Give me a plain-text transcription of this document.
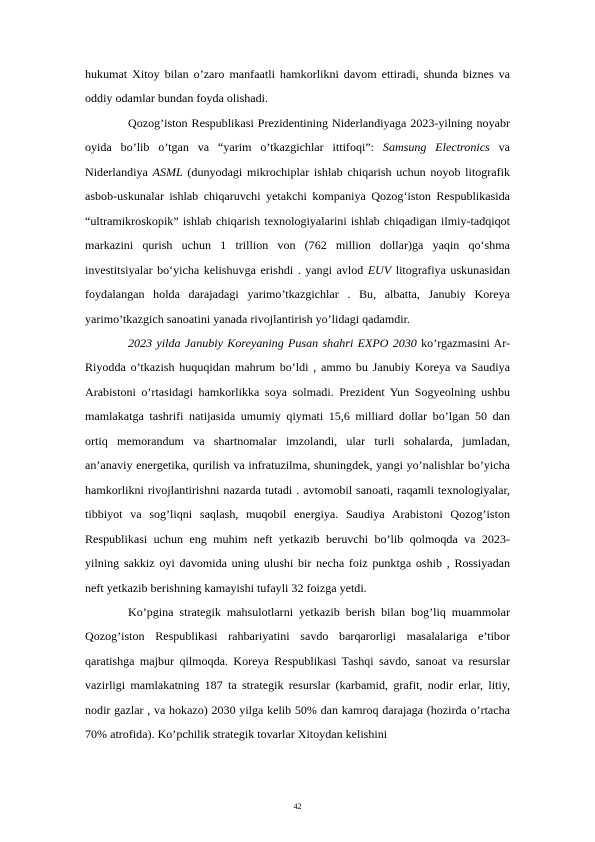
hukumat Xitoy bilan o’zaro manfaatli hamkorlikni davom ettiradi, shunda biznes va oddiy odamlar bundan foyda olishadi.

Qozog’iston Respublikasi Prezidentining Niderlandiyaga 2023-yilning noyabr oyida bo’lib o’tgan va “yarim o’tkazgichlar ittifoqi”: Samsung Electronics va Niderlandiya ASML (dunyodagi mikrochiplar ishlab chiqarish uchun noyob litografik asbob-uskunalar ishlab chiqaruvchi yetakchi kompaniya Qozog‘iston Respublikasida “ultramikroskopik” ishlab chiqarish texnologiyalarini ishlab chiqadigan ilmiy-tadqiqot markazini qurish uchun 1 trillion von (762 million dollar)ga yaqin qo‘shma investitsiyalar bo‘yicha kelishuvga erishdi . yangi avlod EUV litografiya uskunasidan foydalangan holda darajadagi yarimo’tkazgichlar . Bu, albatta, Janubiy Koreya yarimo’tkazgich sanoatini yanada rivojlantirish yo’lidagi qadamdir.

2023 yilda Janubiy Koreyaning Pusan shahri EXPO 2030 ko’rgazmasini Ar-Riyodda o’tkazish huquqidan mahrum bo’ldi , ammo bu Janubiy Koreya va Saudiya Arabistoni o’rtasidagi hamkorlikka soya solmadi. Prezident Yun Sogyeolning ushbu mamlakatga tashrifi natijasida umumiy qiymati 15,6 milliard dollar bo’lgan 50 dan ortiq memorandum va shartnomalar imzolandi, ular turli sohalarda, jumladan, an’anaviy energetika, qurilish va infratuzilma, shuningdek, yangi yo’nalishlar bo’yicha hamkorlikni rivojlantirishni nazarda tutadi . avtomobil sanoati, raqamli texnologiyalar, tibbiyot va sog’liqni saqlash, muqobil energiya. Saudiya Arabistoni Qozog’iston Respublikasi uchun eng muhim neft yetkazib beruvchi bo’lib qolmoqda va 2023-yilning sakkiz oyi davomida uning ulushi bir necha foiz punktga oshib , Rossiyadan neft yetkazib berishning kamayishi tufayli 32 foizga yetdi.

Ko’pgina strategik mahsulotlarni yetkazib berish bilan bog’liq muammolar Qozog’iston Respublikasi rahbariyatini savdo barqarorligi masalalariga e’tibor qaratishga majbur qilmoqda. Koreya Respublikasi Tashqi savdo, sanoat va resurslar vazirligi mamlakatning 187 ta strategik resurslar (karbamid, grafit, nodir erlar, litiy, nodir gazlar , va hokazo) 2030 yilga kelib 50% dan kamroq darajaga (hozirda o’rtacha 70% atrofida). Ko’pchilik strategik tovarlar Xitoydan kelishini

42
